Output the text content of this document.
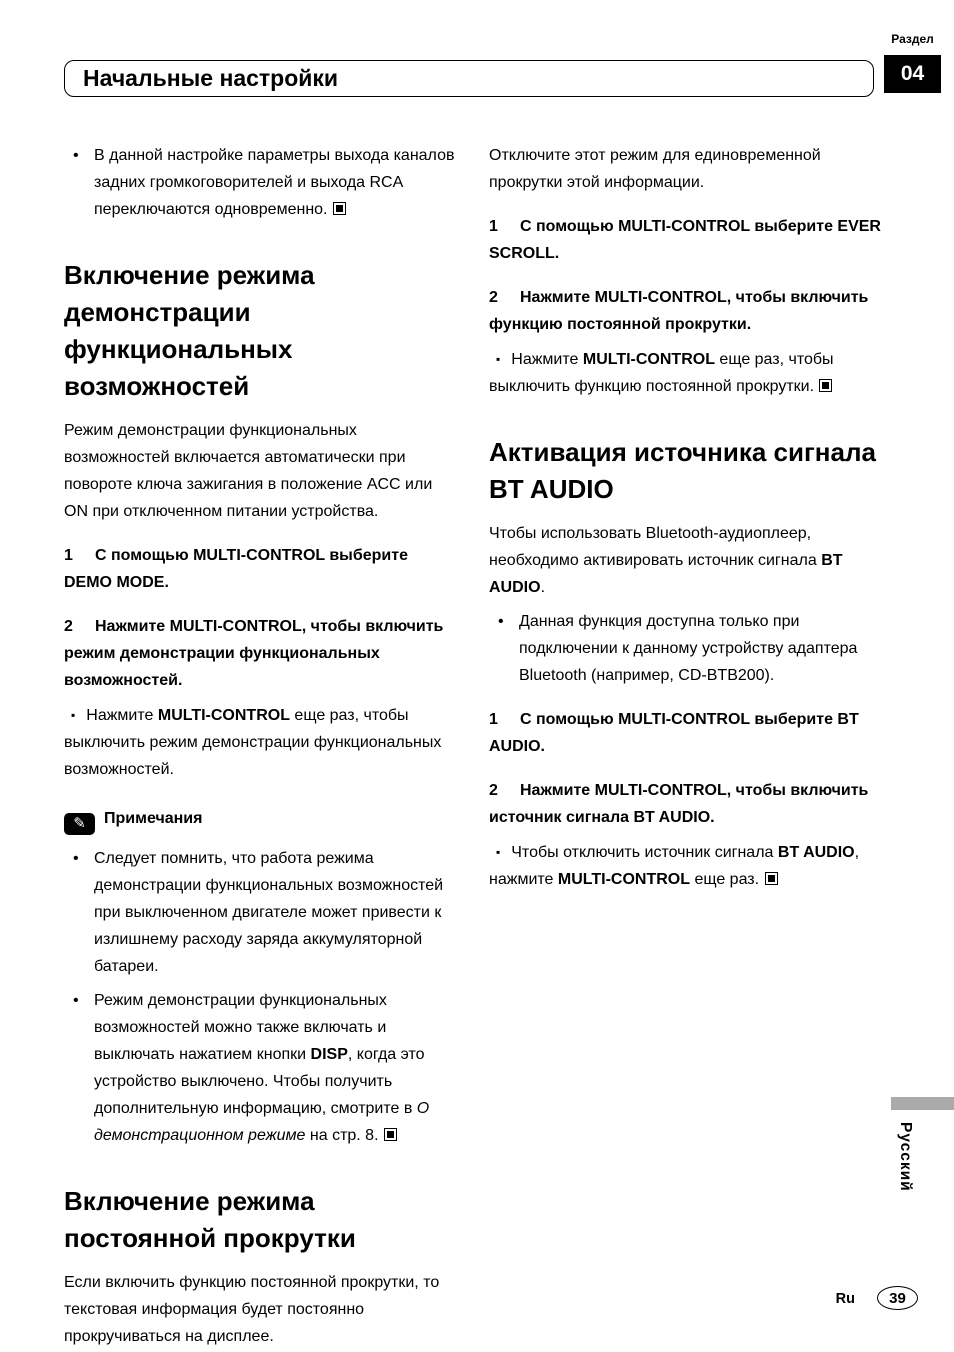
Начальные настройки
Раздел
04

• В данной настройке параметры выхода каналов задних громкоговорителей и выхода RCA переключаются одновременно.

Включение режима демонстрации функциональных возможностей

Режим демонстрации функциональных возможностей включается автоматически при повороте ключа зажигания в положение ACC или ON при отключенном питании устройства.

1 С помощью MULTI-CONTROL выберите DEMO MODE.

2 Нажмите MULTI-CONTROL, чтобы включить режим демонстрации функциональных возможностей.

▪ Нажмите MULTI-CONTROL еще раз, чтобы выключить режим демонстрации функциональных возможностей.

✎ Примечания

• Следует помнить, что работа режима демонстрации функциональных возможностей при выключенном двигателе может привести к излишнему расходу заряда аккумуляторной батареи.

• Режим демонстрации функциональных возможностей можно также включать и выключать нажатием кнопки DISP, когда это устройство выключено. Чтобы получить дополнительную информацию, смотрите в О демонстрационном режиме на стр. 8.

Включение режима постоянной прокрутки

Если включить функцию постоянной прокрутки, то текстовая информация будет постоянно прокручиваться на дисплее.

Отключите этот режим для единовременной прокрутки этой информации.

1 С помощью MULTI-CONTROL выберите EVER SCROLL.

2 Нажмите MULTI-CONTROL, чтобы включить функцию постоянной прокрутки.

▪ Нажмите MULTI-CONTROL еще раз, чтобы выключить функцию постоянной прокрутки.

Активация источника сигнала BT AUDIO

Чтобы использовать Bluetooth-аудиоплеер, необходимо активировать источник сигнала BT AUDIO.

• Данная функция доступна только при подключении к данному устройству адаптера Bluetooth (например, CD-BTB200).

1 С помощью MULTI-CONTROL выберите BT AUDIO.

2 Нажмите MULTI-CONTROL, чтобы включить источник сигнала BT AUDIO.

▪ Чтобы отключить источник сигнала BT AUDIO, нажмите MULTI-CONTROL еще раз.

Русский
Ru	39
